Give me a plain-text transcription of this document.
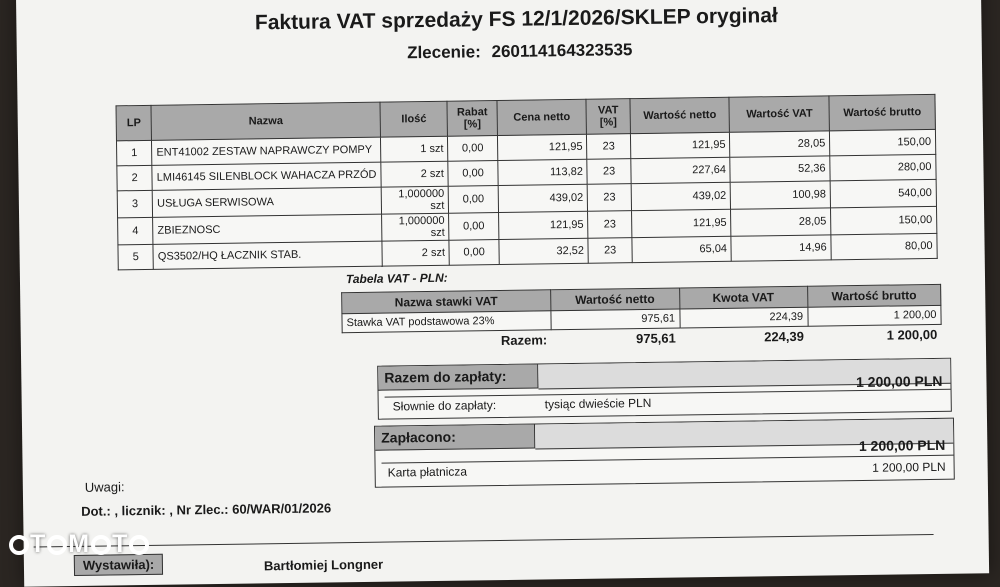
Faktura VAT sprzedaży FS 12/1/2026/SKLEP oryginał
Zlecenie: 260114164323535
LP	Nazwa	Ilość	Rabat [%]	Cena netto	VAT [%]	Wartość netto	Wartość VAT	Wartość brutto
1	ENT41002 ZESTAW NAPRAWCZY POMPY	1 szt	0,00	121,95	23	121,95	28,05	150,00
2	LMI46145 SILENBLOCK WAHACZA PRZÓD	2 szt	0,00	113,82	23	227,64	52,36	280,00
3	USŁUGA SERWISOWA	1,000000 szt	0,00	439,02	23	439,02	100,98	540,00
4	ZBIEZNOSC	1,000000 szt	0,00	121,95	23	121,95	28,05	150,00
5	QS3502/HQ ŁACZNIK STAB.	2 szt	0,00	32,52	23	65,04	14,96	80,00
Tabela VAT - PLN:
Nazwa stawki VAT	Wartość netto	Kwota VAT	Wartość brutto
Stawka VAT podstawowa 23%	975,61	224,39	1 200,00
Razem:	975,61	224,39	1 200,00
Razem do zapłaty:	1 200,00 PLN
Słownie do zapłaty:	tysiąc dwieście PLN
Zapłacono:	1 200,00 PLN
Karta płatnicza	1 200,00 PLN
Uwagi:
Dot.: , licznik: , Nr Zlec.: 60/WAR/01/2026
Wystawiła):	Bartłomiej Longner
T M T
